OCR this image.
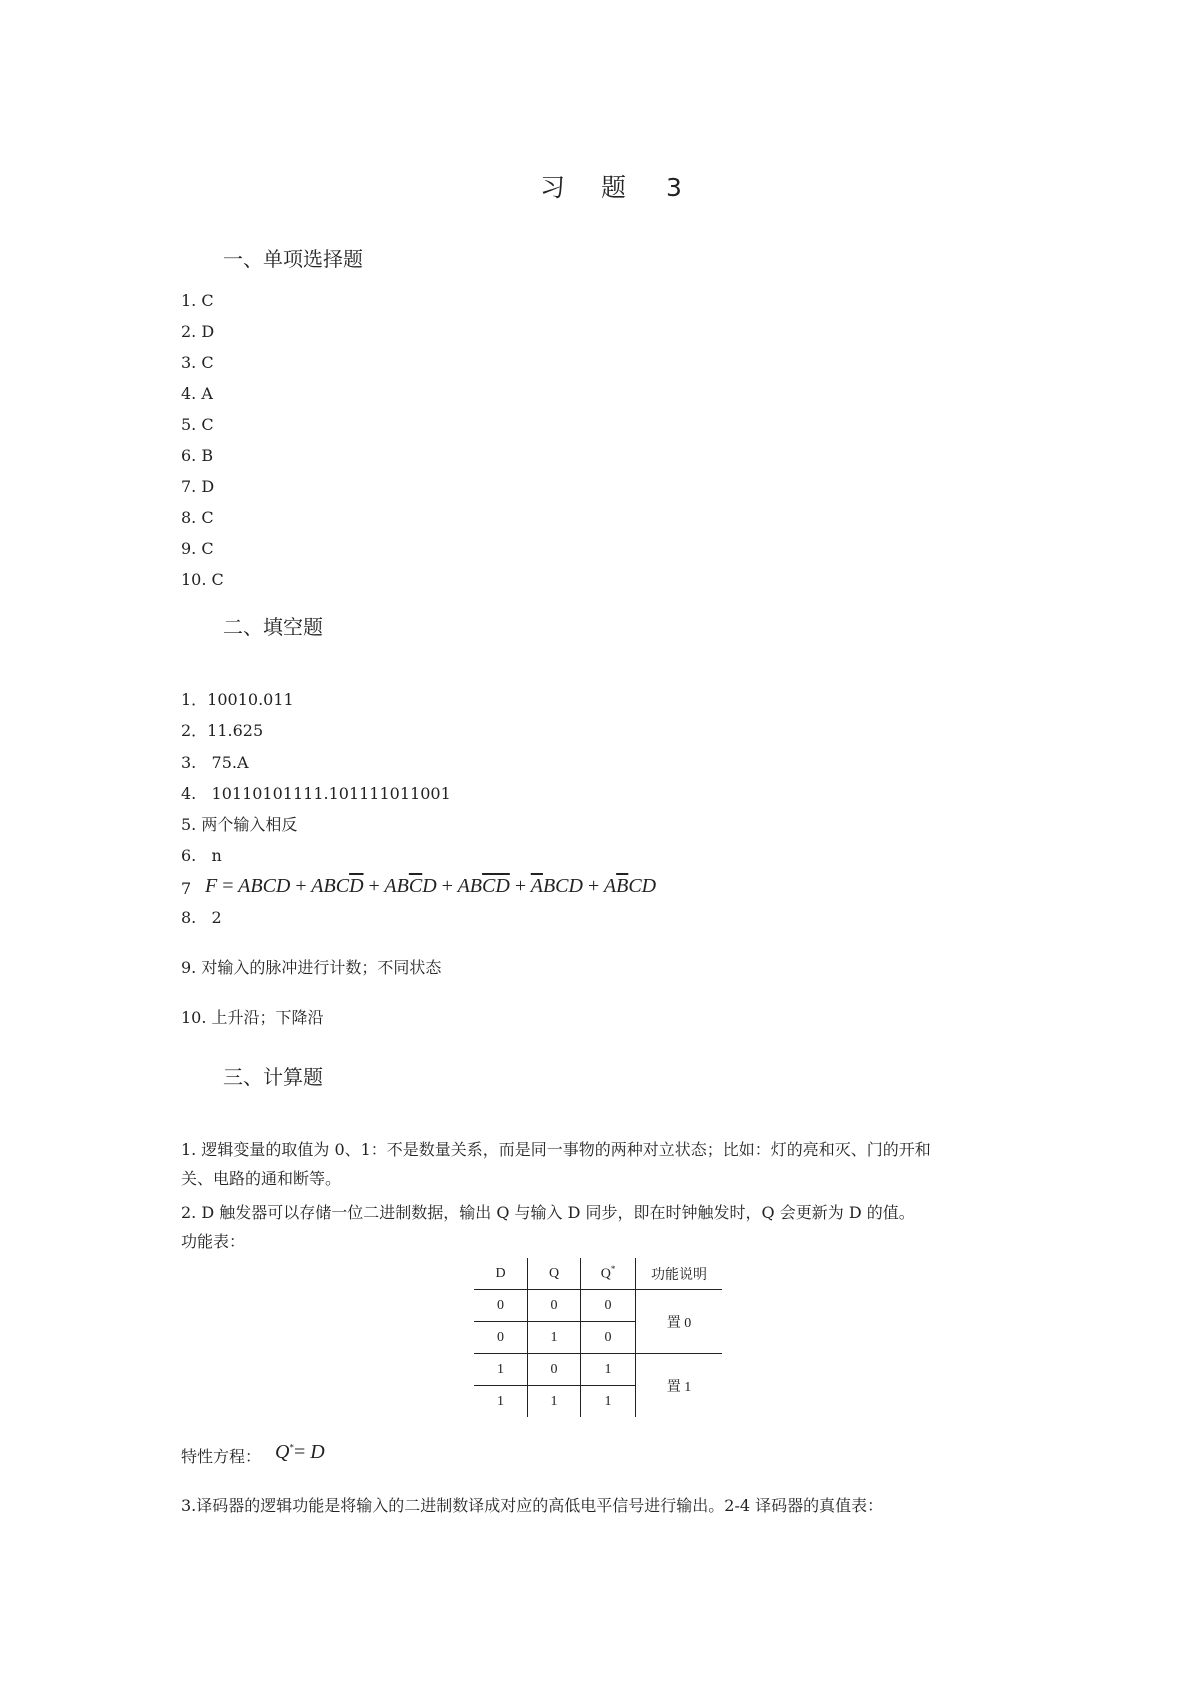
习 题 3
一、单项选择题
1. C
2. D
3. C
4. A
5. C
6. B
7. D
8. C
9. C
10. C
二、填空题
1．10010.011
2．11.625
3.   75.A
4.   10110101111.101111011001
5. 两个输入相反
6.   n
7 F = ABCD + $ABC\overline{D} + AB\overline{C}D + AB\overline{CD} + \overline{A}BCD + A\overline{B}CD$
8.   2
9. 对输入的脉冲进行计数；不同状态
10. 上升沿；下降沿
三、计算题
1. 逻辑变量的取值为 0、1：不是数量关系，而是同一事物的两种对立状态；比如：灯的亮和灭、门的开和
关、电路的通和断等。
2. D 触发器可以存储一位二进制数据，输出 Q 与输入 D 同步，即在时钟触发时，Q 会更新为 D 的值。
功能表：
D	Q	Q*	功能说明
0	0	0	置 0
0	1	0	
1	0	1	置 1
1	1	1	
特性方程： Q*= D
3.译码器的逻辑功能是将输入的二进制数译成对应的高低电平信号进行输出。2-4 译码器的真值表：
